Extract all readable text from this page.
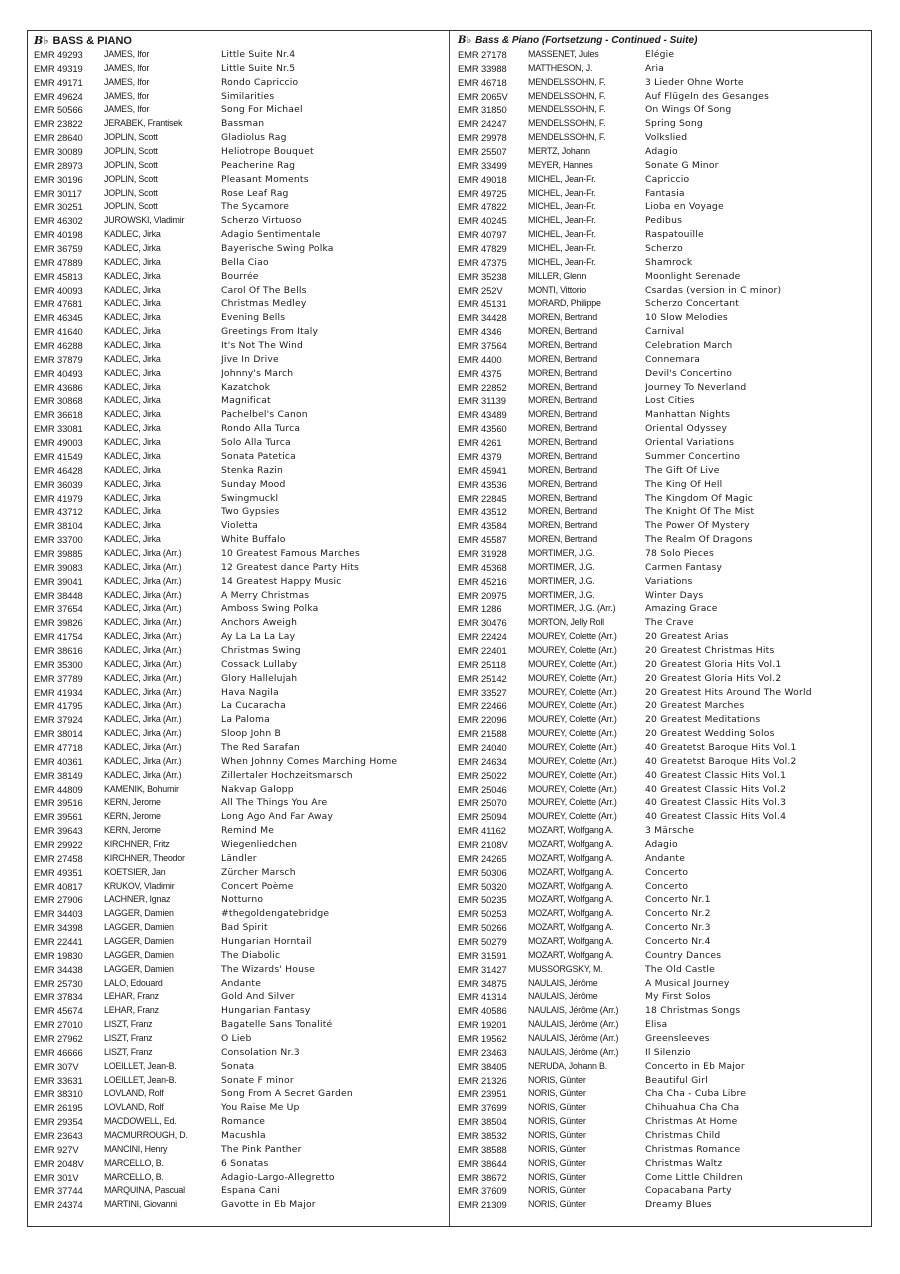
B♭ BASS & PIANO
EMR 49293	JAMES, Ifor	Little Suite Nr.4
EMR 49319	JAMES, Ifor	Little Suite Nr.5
EMR 49171	JAMES, Ifor	Rondo Capriccio
EMR 49624	JAMES, Ifor	Similarities
EMR 50566	JAMES, Ifor	Song For Michael
EMR 23822	JERABEK, Frantisek	Bassman
EMR 28640	JOPLIN, Scott	Gladiolus Rag
EMR 30089	JOPLIN, Scott	Heliotrope Bouquet
EMR 28973	JOPLIN, Scott	Peacherine Rag
EMR 30196	JOPLIN, Scott	Pleasant Moments
EMR 30117	JOPLIN, Scott	Rose Leaf Rag
EMR 30251	JOPLIN, Scott	The Sycamore
EMR 46302	JUROWSKI, Vladimir	Scherzo Virtuoso
EMR 40198	KADLEC, Jirka	Adagio Sentimentale
EMR 36759	KADLEC, Jirka	Bayerische Swing Polka
EMR 47889	KADLEC, Jirka	Bella Ciao
EMR 45813	KADLEC, Jirka	Bourrée
EMR 40093	KADLEC, Jirka	Carol Of The Bells
EMR 47681	KADLEC, Jirka	Christmas Medley
EMR 46345	KADLEC, Jirka	Evening Bells
EMR 41640	KADLEC, Jirka	Greetings From Italy
EMR 46288	KADLEC, Jirka	It's Not The Wind
EMR 37879	KADLEC, Jirka	Jive In Drive
EMR 40493	KADLEC, Jirka	Johnny's March
EMR 43686	KADLEC, Jirka	Kazatchok
EMR 30868	KADLEC, Jirka	Magnificat
EMR 36618	KADLEC, Jirka	Pachelbel's Canon
EMR 33081	KADLEC, Jirka	Rondo Alla Turca
EMR 49003	KADLEC, Jirka	Solo Alla Turca
EMR 41549	KADLEC, Jirka	Sonata Patetica
EMR 46428	KADLEC, Jirka	Stenka Razin
EMR 36039	KADLEC, Jirka	Sunday Mood
EMR 41979	KADLEC, Jirka	Swingmuckl
EMR 43712	KADLEC, Jirka	Two Gypsies
EMR 38104	KADLEC, Jirka	Violetta
EMR 33700	KADLEC, Jirka	White Buffalo
EMR 39885	KADLEC, Jirka (Arr.)	10 Greatest Famous Marches
EMR 39083	KADLEC, Jirka (Arr.)	12 Greatest dance Party Hits
EMR 39041	KADLEC, Jirka (Arr.)	14 Greatest Happy Music
EMR 38448	KADLEC, Jirka (Arr.)	A Merry Christmas
EMR 37654	KADLEC, Jirka (Arr.)	Amboss Swing Polka
EMR 39826	KADLEC, Jirka (Arr.)	Anchors Aweigh
EMR 41754	KADLEC, Jirka (Arr.)	Ay La La La Lay
EMR 38616	KADLEC, Jirka (Arr.)	Christmas Swing
EMR 35300	KADLEC, Jirka (Arr.)	Cossack Lullaby
EMR 37789	KADLEC, Jirka (Arr.)	Glory Hallelujah
EMR 41934	KADLEC, Jirka (Arr.)	Hava Nagila
EMR 41795	KADLEC, Jirka (Arr.)	La Cucaracha
EMR 37924	KADLEC, Jirka (Arr.)	La Paloma
EMR 38014	KADLEC, Jirka (Arr.)	Sloop John B
EMR 47718	KADLEC, Jirka (Arr.)	The Red Sarafan
EMR 40361	KADLEC, Jirka (Arr.)	When Johnny Comes Marching Home
EMR 38149	KADLEC, Jirka (Arr.)	Zillertaler Hochzeitsmarsch
EMR 44809	KAMENIK, Bohumir	Nakvap Galopp
EMR 39516	KERN, Jerome	All The Things You Are
EMR 39561	KERN, Jerome	Long Ago And Far Away
EMR 39643	KERN, Jerome	Remind Me
EMR 29922	KIRCHNER, Fritz	Wiegenliedchen
EMR 27458	KIRCHNER, Theodor	Ländler
EMR 49351	KOETSIER, Jan	Zürcher Marsch
EMR 40817	KRUKOV, Vladimir	Concert Poème
EMR 27906	LACHNER, Ignaz	Notturno
EMR 34403	LAGGER, Damien	#thegoldengatebridge
EMR 34398	LAGGER, Damien	Bad Spirit
EMR 22441	LAGGER, Damien	Hungarian Horntail
EMR 19830	LAGGER, Damien	The Diabolic
EMR 34438	LAGGER, Damien	The Wizards' House
EMR 25730	LALO, Edouard	Andante
EMR 37834	LEHAR, Franz	Gold And Silver
EMR 45674	LEHAR, Franz	Hungarian Fantasy
EMR 27010	LISZT, Franz	Bagatelle Sans Tonalité
EMR 27962	LISZT, Franz	O Lieb
EMR 46666	LISZT, Franz	Consolation Nr.3
EMR 307V	LOEILLET, Jean-B.	Sonata
EMR 33631	LOEILLET, Jean-B.	Sonate F minor
EMR 38310	LOVLAND, Rolf	Song From A Secret Garden
EMR 26195	LOVLAND, Rolf	You Raise Me Up
EMR 29354	MACDOWELL, Ed.	Romance
EMR 23643	MACMURROUGH, D.	Macushla
EMR 927V	MANCINI, Henry	The Pink Panther
EMR 2048V	MARCELLO, B.	6 Sonatas
EMR 301V	MARCELLO, B.	Adagio-Largo-Allegretto
EMR 37744	MARQUINA, Pascual	Espana Cani
EMR 24374	MARTINI, Giovanni	Gavotte in Eb Major
B♭ Bass & Piano (Fortsetzung - Continued - Suite)
EMR 27178	MASSENET, Jules	Elégie
EMR 33988	MATTHESON, J.	Aria
EMR 46718	MENDELSSOHN, F.	3 Lieder Ohne Worte
EMR 2065V	MENDELSSOHN, F.	Auf Flügeln des Gesanges
EMR 31850	MENDELSSOHN, F.	On Wings Of Song
EMR 24247	MENDELSSOHN, F.	Spring Song
EMR 29978	MENDELSSOHN, F.	Volkslied
EMR 25507	MERTZ, Johann	Adagio
EMR 33499	MEYER, Hannes	Sonate G Minor
EMR 49018	MICHEL, Jean-Fr.	Capriccio
EMR 49725	MICHEL, Jean-Fr.	Fantasia
EMR 47822	MICHEL, Jean-Fr.	Lioba en Voyage
EMR 40245	MICHEL, Jean-Fr.	Pedibus
EMR 40797	MICHEL, Jean-Fr.	Raspatouille
EMR 47829	MICHEL, Jean-Fr.	Scherzo
EMR 47375	MICHEL, Jean-Fr.	Shamrock
EMR 35238	MILLER, Glenn	Moonlight Serenade
EMR 252V	MONTI, Vittorio	Csardas (version in C minor)
EMR 45131	MORARD, Philippe	Scherzo Concertant
EMR 34428	MOREN, Bertrand	10 Slow Melodies
EMR 4346	MOREN, Bertrand	Carnival
EMR 37564	MOREN, Bertrand	Celebration March
EMR 4400	MOREN, Bertrand	Connemara
EMR 4375	MOREN, Bertrand	Devil's Concertino
EMR 22852	MOREN, Bertrand	Journey To Neverland
EMR 31139	MOREN, Bertrand	Lost Cities
EMR 43489	MOREN, Bertrand	Manhattan Nights
EMR 43560	MOREN, Bertrand	Oriental Odyssey
EMR 4261	MOREN, Bertrand	Oriental Variations
EMR 4379	MOREN, Bertrand	Summer Concertino
EMR 45941	MOREN, Bertrand	The Gift Of Live
EMR 43536	MOREN, Bertrand	The King Of Hell
EMR 22845	MOREN, Bertrand	The Kingdom Of Magic
EMR 43512	MOREN, Bertrand	The Knight Of The Mist
EMR 43584	MOREN, Bertrand	The Power Of Mystery
EMR 45587	MOREN, Bertrand	The Realm Of Dragons
EMR 31928	MORTIMER, J.G.	78 Solo Pieces
EMR 45368	MORTIMER, J.G.	Carmen Fantasy
EMR 45216	MORTIMER, J.G.	Variations
EMR 20975	MORTIMER, J.G.	Winter Days
EMR 1286	MORTIMER, J.G. (Arr.)	Amazing Grace
EMR 30476	MORTON, Jelly Roll	The Crave
EMR 22424	MOUREY, Colette (Arr.)	20 Greatest Arias
EMR 22401	MOUREY, Colette (Arr.)	20 Greatest Christmas Hits
EMR 25118	MOUREY, Colette (Arr.)	20 Greatest Gloria Hits Vol.1
EMR 25142	MOUREY, Colette (Arr.)	20 Greatest Gloria Hits Vol.2
EMR 33527	MOUREY, Colette (Arr.)	20 Greatest Hits Around The World
EMR 22466	MOUREY, Colette (Arr.)	20 Greatest Marches
EMR 22096	MOUREY, Colette (Arr.)	20 Greatest Meditations
EMR 21588	MOUREY, Colette (Arr.)	20 Greatest Wedding Solos
EMR 24040	MOUREY, Colette (Arr.)	40 Greatetst Baroque Hits Vol.1
EMR 24634	MOUREY, Colette (Arr.)	40 Greatetst Baroque Hits Vol.2
EMR 25022	MOUREY, Colette (Arr.)	40 Greatest Classic Hits Vol.1
EMR 25046	MOUREY, Colette (Arr.)	40 Greatest Classic Hits Vol.2
EMR 25070	MOUREY, Colette (Arr.)	40 Greatest Classic Hits Vol.3
EMR 25094	MOUREY, Colette (Arr.)	40 Greatest Classic Hits Vol.4
EMR 41162	MOZART, Wolfgang A.	3 Märsche
EMR 2108V	MOZART, Wolfgang A.	Adagio
EMR 24265	MOZART, Wolfgang A.	Andante
EMR 50306	MOZART, Wolfgang A.	Concerto
EMR 50320	MOZART, Wolfgang A.	Concerto
EMR 50235	MOZART, Wolfgang A.	Concerto Nr.1
EMR 50253	MOZART, Wolfgang A.	Concerto Nr.2
EMR 50266	MOZART, Wolfgang A.	Concerto Nr.3
EMR 50279	MOZART, Wolfgang A.	Concerto Nr.4
EMR 31591	MOZART, Wolfgang A.	Country Dances
EMR 31427	MUSSORGSKY, M.	The Old Castle
EMR 34875	NAULAIS, Jérôme	A Musical Journey
EMR 41314	NAULAIS, Jérôme	My First Solos
EMR 40586	NAULAIS, Jérôme (Arr.)	18 Christmas Songs
EMR 19201	NAULAIS, Jérôme (Arr.)	Elisa
EMR 19562	NAULAIS, Jérôme (Arr.)	Greensleeves
EMR 23463	NAULAIS, Jérôme (Arr.)	Il Silenzio
EMR 38405	NERUDA, Johann B.	Concerto in Eb Major
EMR 21326	NORIS, Günter	Beautiful Girl
EMR 23951	NORIS, Günter	Cha Cha - Cuba Libre
EMR 37699	NORIS, Günter	Chihuahua Cha Cha
EMR 38504	NORIS, Günter	Christmas At Home
EMR 38532	NORIS, Günter	Christmas Child
EMR 38588	NORIS, Günter	Christmas Romance
EMR 38644	NORIS, Günter	Christmas Waltz
EMR 38672	NORIS, Günter	Come Little Children
EMR 37609	NORIS, Günter	Copacabana Party
EMR 21309	NORIS, Günter	Dreamy Blues
